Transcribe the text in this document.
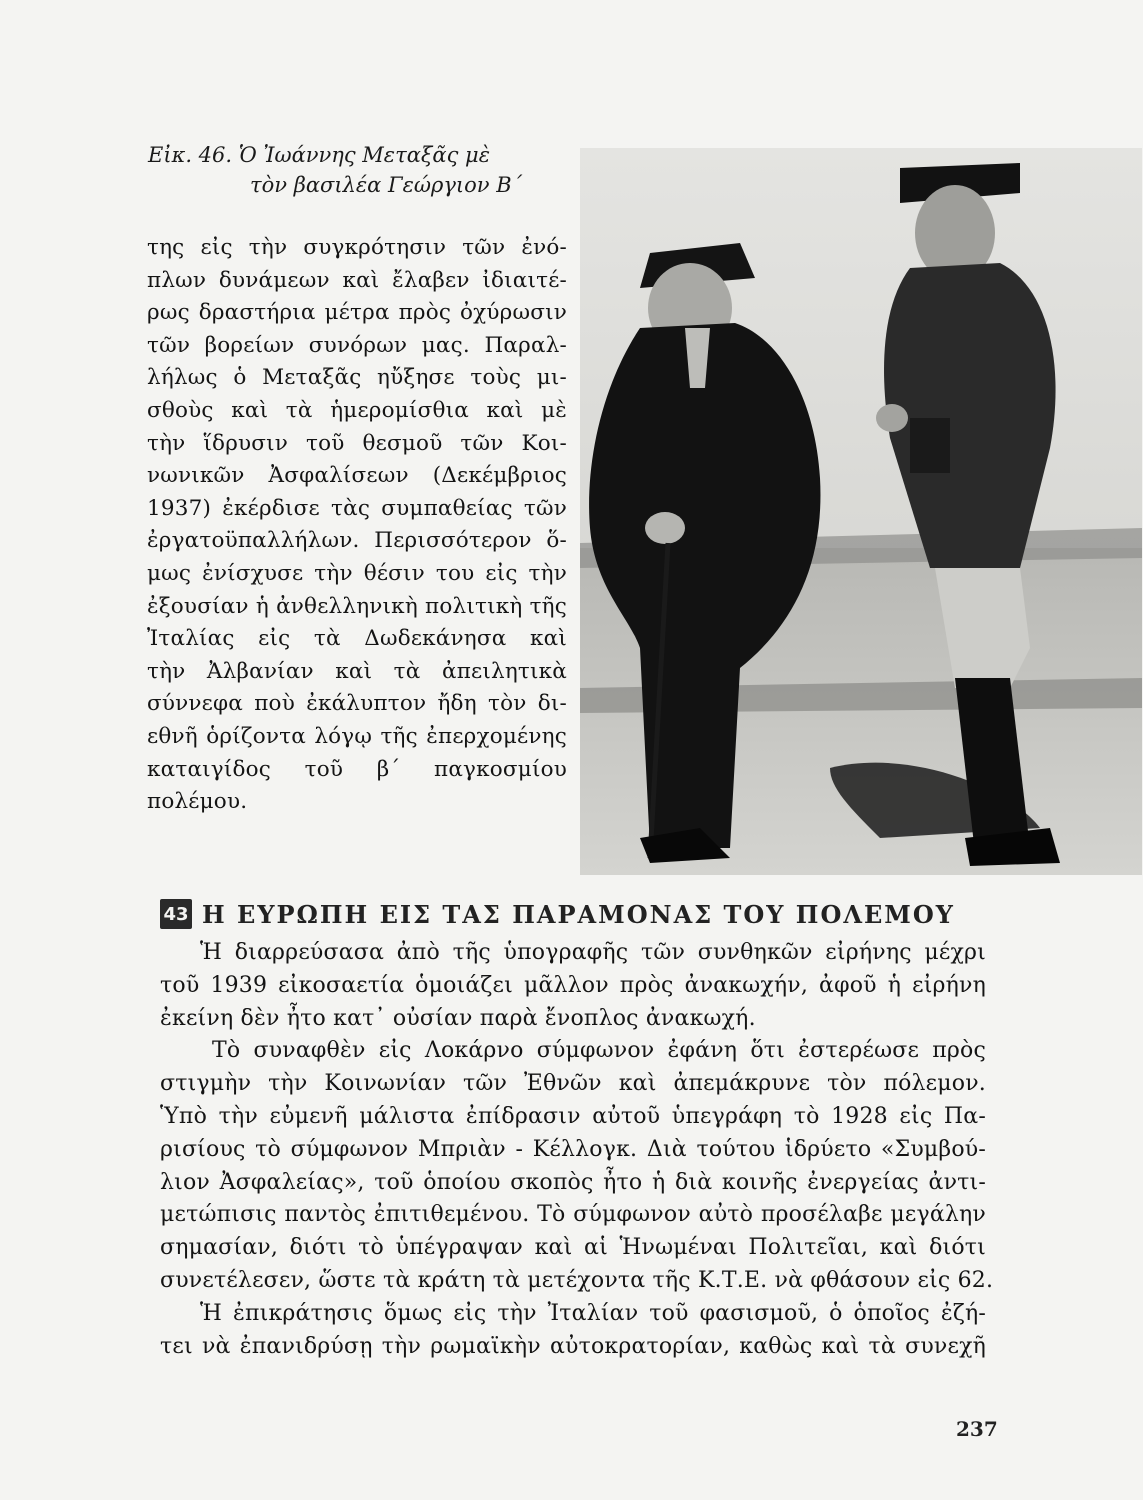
Εἰκ. 46. Ὁ Ἰωάννης Μεταξᾶς μὲ
τὸν βασιλέα Γεώργιον Β΄
της εἰς τὴν συγκρότησιν τῶν ἐνό-
πλων δυνάμεων καὶ ἔλαβεν ἰδιαιτέ-
ρως δραστήρια μέτρα πρὸς ὀχύρωσιν
τῶν βορείων συνόρων μας. Παραλ-
λήλως ὁ Μεταξᾶς ηὔξησε τοὺς μι-
σθοὺς καὶ τὰ ἡμερομίσθια καὶ μὲ
τὴν ἵδρυσιν τοῦ θεσμοῦ τῶν Κοι-
νωνικῶν Ἀσφαλίσεων (Δεκέμβριος
1937) ἐκέρδισε τὰς συμπαθείας τῶν
ἐργατοϋπαλλήλων. Περισσότερον ὅ-
μως ἐνίσχυσε τὴν θέσιν του εἰς τὴν
ἐξουσίαν ἡ ἀνθελληνικὴ πολιτικὴ τῆς
Ἰταλίας εἰς τὰ Δωδεκάνησα καὶ
τὴν Ἀλβανίαν καὶ τὰ ἀπειλητικὰ
σύννεφα ποὺ ἐκάλυπτον ἤδη τὸν δι-
εθνῆ ὁρίζοντα λόγῳ τῆς ἐπερχομένης
καταιγίδος τοῦ β΄ παγκοσμίου
πολέμου.
43 Η ΕΥΡΩΠΗ ΕΙΣ ΤΑΣ ΠΑΡΑΜΟΝΑΣ ΤΟΥ ΠΟΛΕΜΟΥ
Ἡ διαρρεύσασα ἀπὸ τῆς ὑπογραφῆς τῶν συνθηκῶν εἰρήνης μέχρι
τοῦ 1939 εἰκοσαετία ὁμοιάζει μᾶλλον πρὸς ἀνακωχήν, ἀφοῦ ἡ εἰρήνη
ἐκείνη δὲν ἦτο κατ᾽ οὐσίαν παρὰ ἔνοπλος ἀνακωχή.
Τὸ συναφθὲν εἰς Λοκάρνο σύμφωνον ἐφάνη ὅτι ἐστερέωσε πρὸς
στιγμὴν τὴν Κοινωνίαν τῶν Ἐθνῶν καὶ ἀπεμάκρυνε τὸν πόλεμον.
Ὑπὸ τὴν εὐμενῆ μάλιστα ἐπίδρασιν αὐτοῦ ὑπεγράφη τὸ 1928 εἰς Πα-
ρισίους τὸ σύμφωνον Μπριὰν - Κέλλογκ. Διὰ τούτου ἱδρύετο «Συμβού-
λιον Ἀσφαλείας», τοῦ ὁποίου σκοπὸς ἦτο ἡ διὰ κοινῆς ἐνεργείας ἀντι-
μετώπισις παντὸς ἐπιτιθεμένου. Τὸ σύμφωνον αὐτὸ προσέλαβε μεγάλην
σημασίαν, διότι τὸ ὑπέγραψαν καὶ αἱ Ἡνωμέναι Πολιτεῖαι, καὶ διότι
συνετέλεσεν, ὥστε τὰ κράτη τὰ μετέχοντα τῆς Κ.Τ.Ε. νὰ φθάσουν εἰς 62.
Ἡ ἐπικράτησις ὅμως εἰς τὴν Ἰταλίαν τοῦ φασισμοῦ, ὁ ὁποῖος ἐζή-
τει νὰ ἐπανιδρύσῃ τὴν ρωμαϊκὴν αὐτοκρατορίαν, καθὼς καὶ τὰ συνεχῆ
237
